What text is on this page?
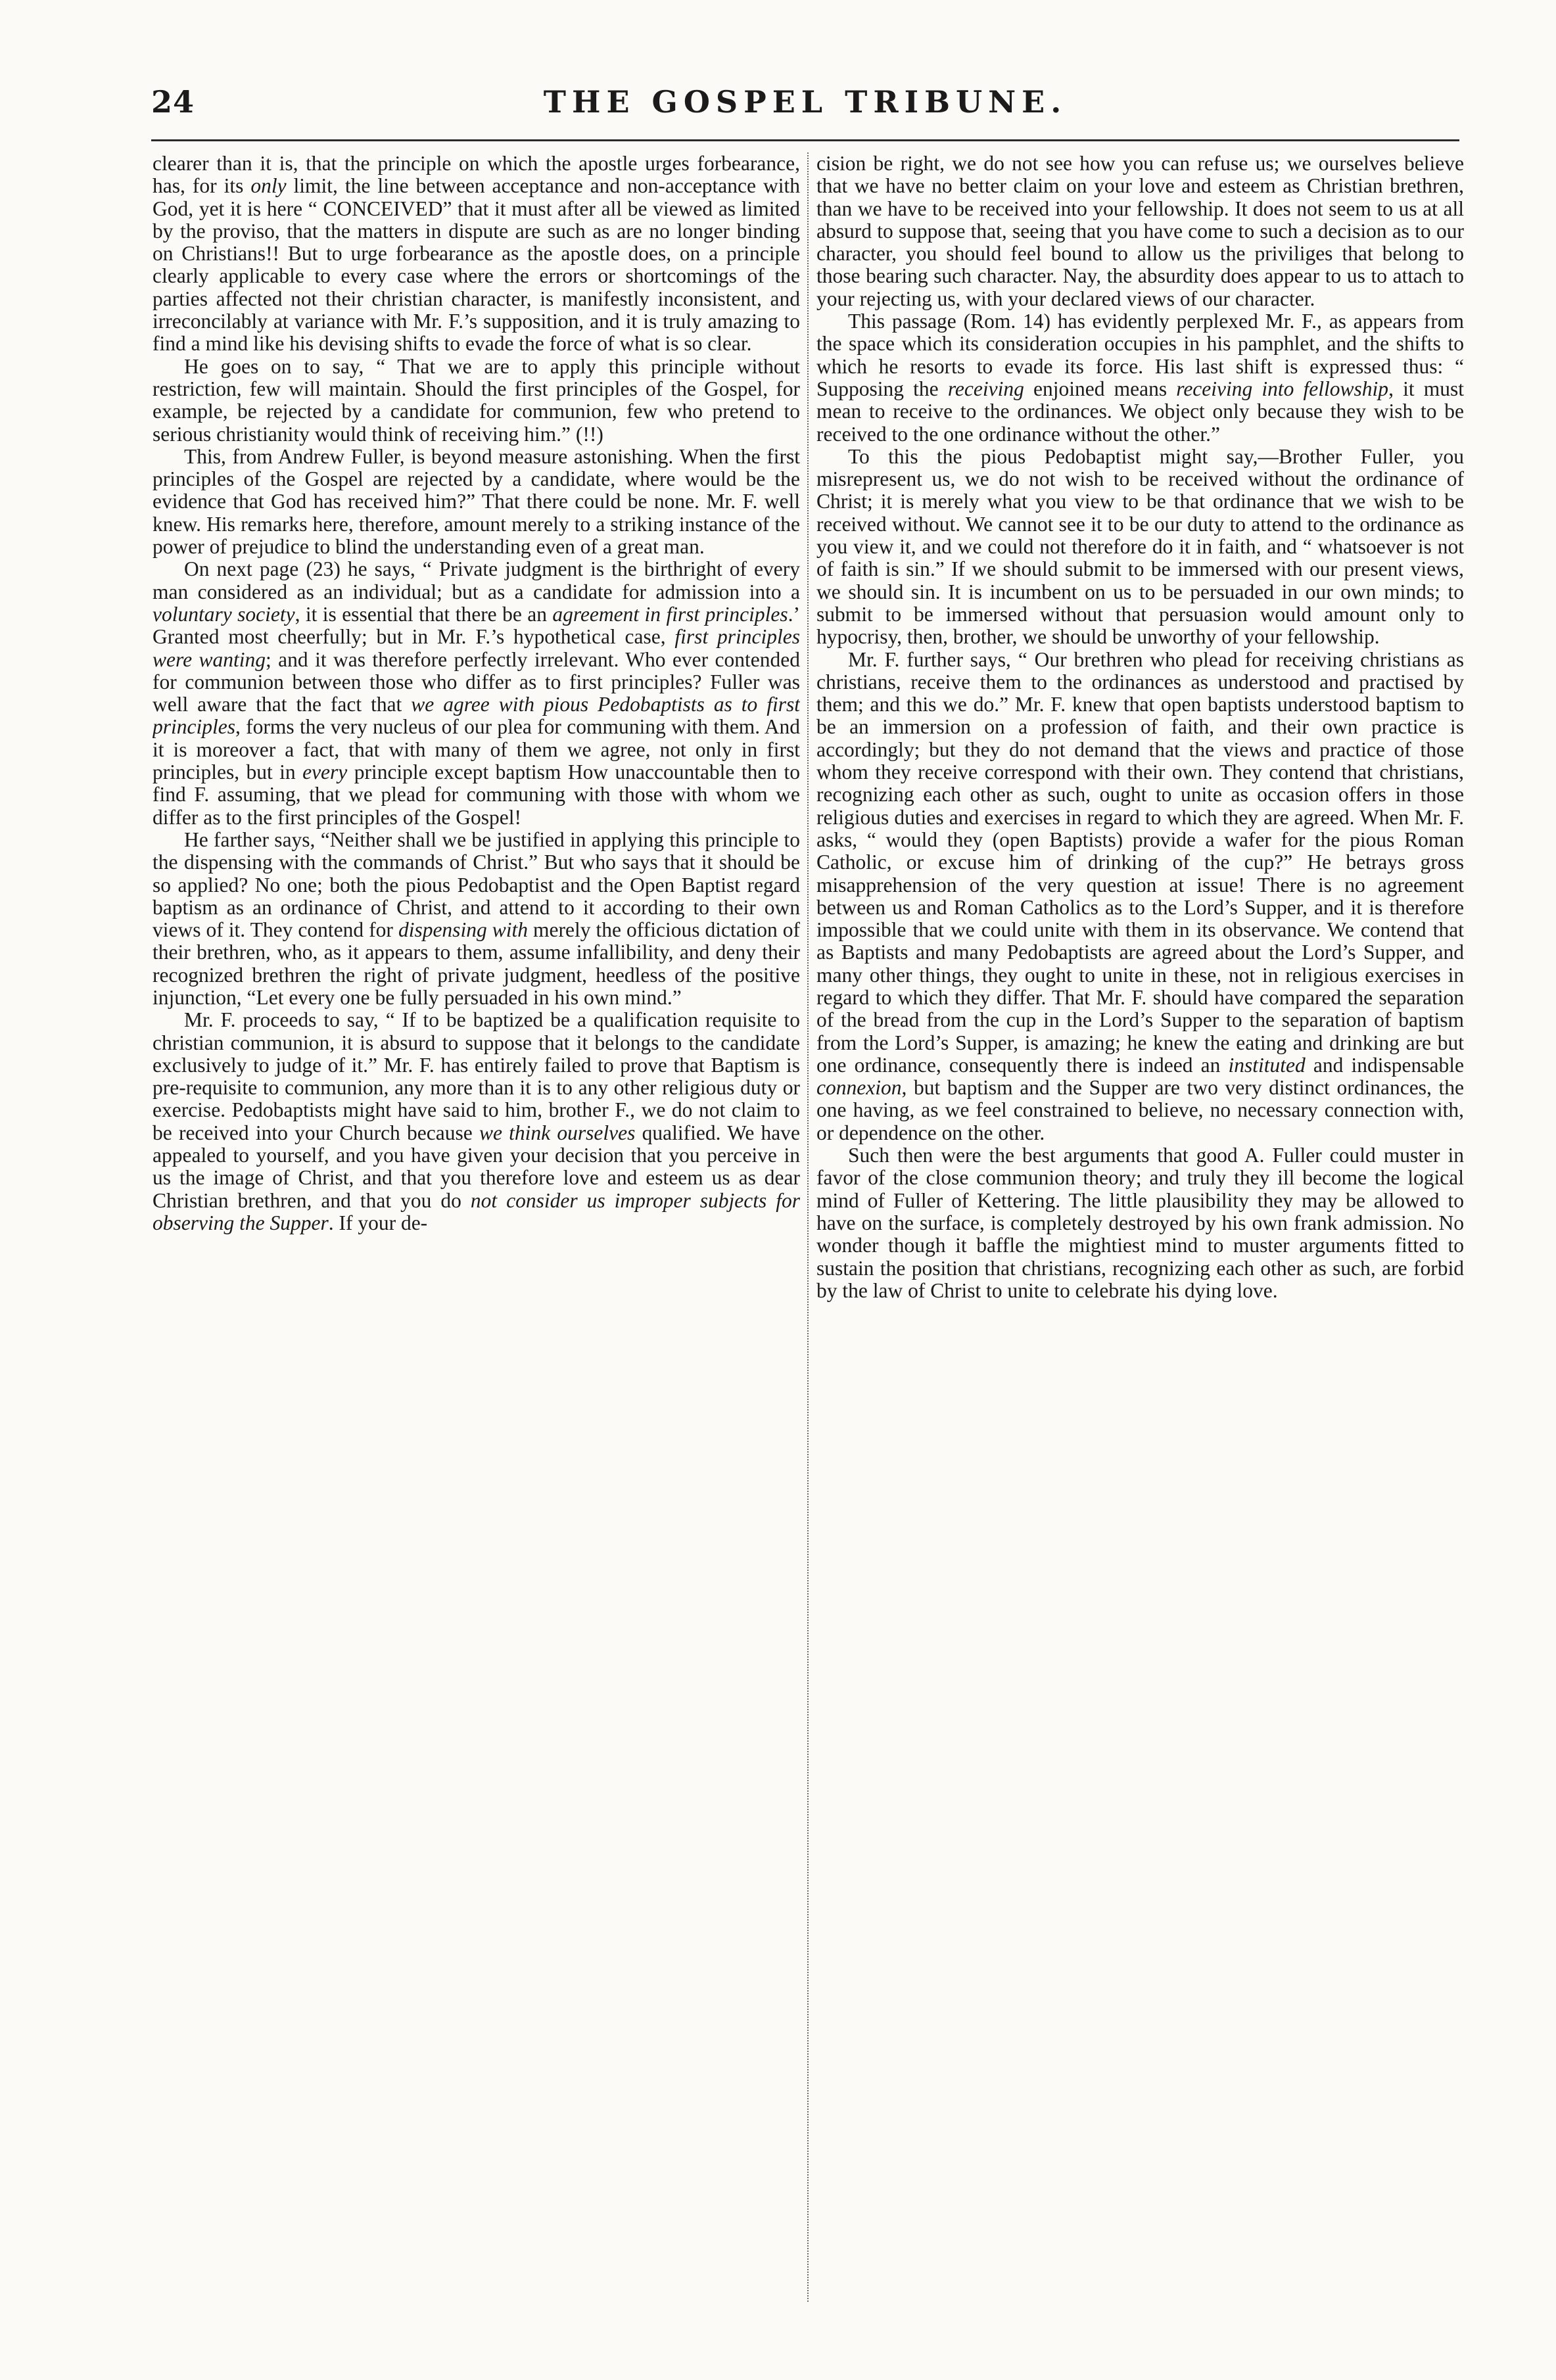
24	THE GOSPEL TRIBUNE.

clearer than it is, that the principle on which the apostle urges forbearance, has, for its only limit, the line between acceptance and non-acceptance with God, yet it is here “ CONCEIVED” that it must after all be viewed as limited by the proviso, that the matters in dispute are such as are no longer binding on Christians!! But to urge forbearance as the apostle does, on a principle clearly applicable to every case where the errors or shortcomings of the parties affected not their christian character, is manifestly inconsistent, and irreconcilably at variance with Mr. F.’s supposition, and it is truly amazing to find a mind like his devising shifts to evade the force of what is so clear.

He goes on to say, “ That we are to apply this principle without restriction, few will maintain. Should the first principles of the Gospel, for example, be rejected by a candidate for communion, few who pretend to serious christianity would think of receiving him.” (!!)

This, from Andrew Fuller, is beyond measure astonishing. When the first principles of the Gospel are rejected by a candidate, where would be the evidence that God has received him?” That there could be none. Mr. F. well knew. His remarks here, therefore, amount merely to a striking instance of the power of prejudice to blind the understanding even of a great man.

On next page (23) he says, “ Private judgment is the birthright of every man considered as an individual; but as a candidate for admission into a voluntary society, it is essential that there be an agreement in first principles.’ Granted most cheerfully; but in Mr. F.’s hypothetical case, first principles were wanting; and it was therefore perfectly irrelevant. Who ever contended for communion between those who differ as to first principles? Fuller was well aware that the fact that we agree with pious Pedobaptists as to first principles, forms the very nucleus of our plea for communing with them. And it is moreover a fact, that with many of them we agree, not only in first principles, but in every principle except baptism How unaccountable then to find F. assuming, that we plead for communing with those with whom we differ as to the first principles of the Gospel!

He farther says, “Neither shall we be justified in applying this principle to the dispensing with the commands of Christ.” But who says that it should be so applied? No one; both the pious Pedobaptist and the Open Baptist regard baptism as an ordinance of Christ, and attend to it according to their own views of it. They contend for dispensing with merely the officious dictation of their brethren, who, as it appears to them, assume infallibility, and deny their recognized brethren the right of private judgment, heedless of the positive injunction, “Let every one be fully persuaded in his own mind.”

Mr. F. proceeds to say, “ If to be baptized be a qualification requisite to christian communion, it is absurd to suppose that it belongs to the candidate exclusively to judge of it.” Mr. F. has entirely failed to prove that Baptism is pre-requisite to communion, any more than it is to any other religious duty or exercise. Pedobaptists might have said to him, brother F., we do not claim to be received into your Church because we think ourselves qualified. We have appealed to yourself, and you have given your decision that you perceive in us the image of Christ, and that you therefore love and esteem us as dear Christian brethren, and that you do not consider us improper subjects for observing the Supper. If your de-

cision be right, we do not see how you can refuse us; we ourselves believe that we have no better claim on your love and esteem as Christian brethren, than we have to be received into your fellowship. It does not seem to us at all absurd to suppose that, seeing that you have come to such a decision as to our character, you should feel bound to allow us the priviliges that belong to those bearing such character. Nay, the absurdity does appear to us to attach to your rejecting us, with your declared views of our character.

This passage (Rom. 14) has evidently perplexed Mr. F., as appears from the space which its consideration occupies in his pamphlet, and the shifts to which he resorts to evade its force. His last shift is expressed thus: “ Supposing the receiving enjoined means receiving into fellowship, it must mean to receive to the ordinances. We object only because they wish to be received to the one ordinance without the other.”

To this the pious Pedobaptist might say,—Brother Fuller, you misrepresent us, we do not wish to be received without the ordinance of Christ; it is merely what you view to be that ordinance that we wish to be received without. We cannot see it to be our duty to attend to the ordinance as you view it, and we could not therefore do it in faith, and “ whatsoever is not of faith is sin.” If we should submit to be immersed with our present views, we should sin. It is incumbent on us to be persuaded in our own minds; to submit to be immersed without that persuasion would amount only to hypocrisy, then, brother, we should be unworthy of your fellowship.

Mr. F. further says, “ Our brethren who plead for receiving christians as christians, receive them to the ordinances as understood and practised by them; and this we do.” Mr. F. knew that open baptists understood baptism to be an immersion on a profession of faith, and their own practice is accordingly; but they do not demand that the views and practice of those whom they receive correspond with their own. They contend that christians, recognizing each other as such, ought to unite as occasion offers in those religious duties and exercises in regard to which they are agreed. When Mr. F. asks, “ would they (open Baptists) provide a wafer for the pious Roman Catholic, or excuse him of drinking of the cup?” He betrays gross misapprehension of the very question at issue! There is no agreement between us and Roman Catholics as to the Lord’s Supper, and it is therefore impossible that we could unite with them in its observance. We contend that as Baptists and many Pedobaptists are agreed about the Lord’s Supper, and many other things, they ought to unite in these, not in religious exercises in regard to which they differ. That Mr. F. should have compared the separation of the bread from the cup in the Lord’s Supper to the separation of baptism from the Lord’s Supper, is amazing; he knew the eating and drinking are but one ordinance, consequently there is indeed an instituted and indispensable connexion, but baptism and the Supper are two very distinct ordinances, the one having, as we feel constrained to believe, no necessary connection with, or dependence on the other.

Such then were the best arguments that good A. Fuller could muster in favor of the close communion theory; and truly they ill become the logical mind of Fuller of Kettering. The little plausibility they may be allowed to have on the surface, is completely destroyed by his own frank admission. No wonder though it baffle the mightiest mind to muster arguments fitted to sustain the position that christians, recognizing each other as such, are forbid by the law of Christ to unite to celebrate his dying love.
